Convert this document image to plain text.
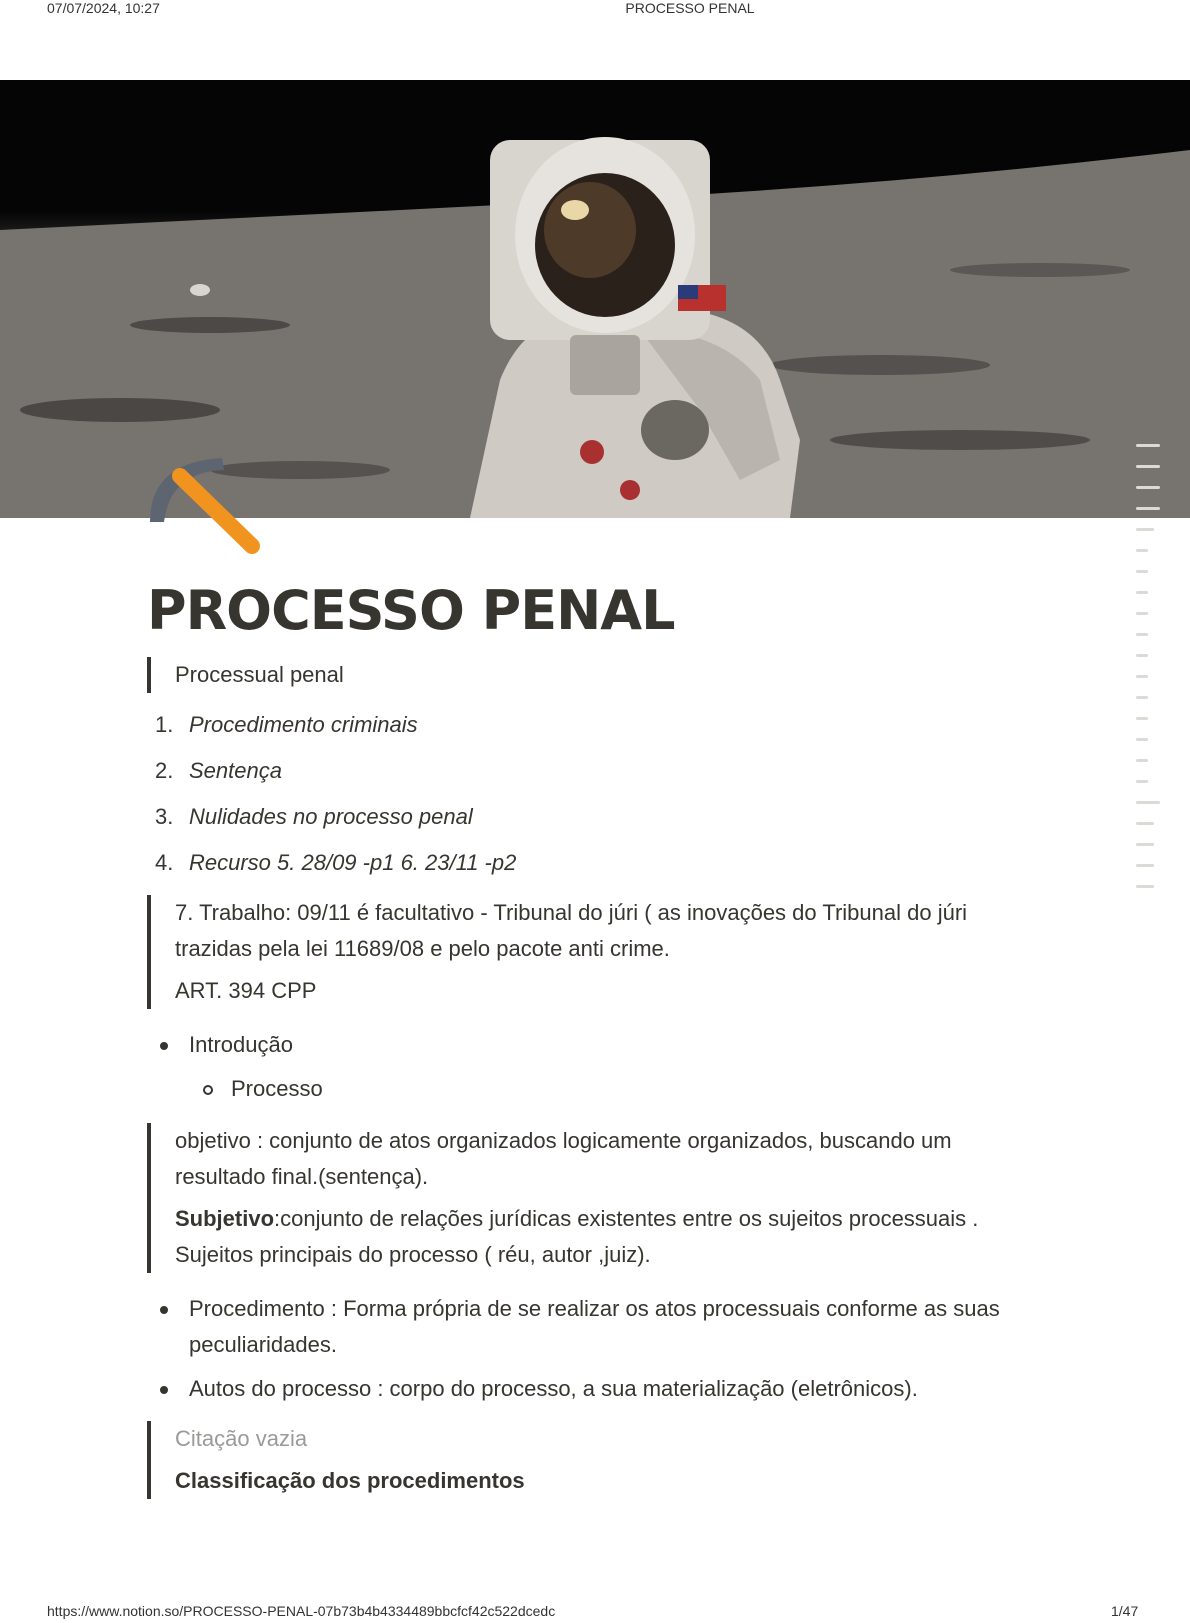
07/07/2024, 10:27	PROCESSO PENAL
PROCESSO PENAL

Processual penal

1. Procedimento criminais
2. Sentença
3. Nulidades no processo penal
4. Recurso 5. 28/09 -p1 6. 23/11 -p2

7. Trabalho: 09/11 é facultativo - Tribunal do júri ( as inovações do Tribunal do júri trazidas pela lei 11689/08 e pelo pacote anti crime.

ART. 394 CPP

Introdução
Processo

objetivo : conjunto de atos organizados logicamente organizados, buscando um resultado final.(sentença).

Subjetivo:conjunto de relações jurídicas existentes entre os sujeitos processuais . Sujeitos principais do processo ( réu, autor ,juiz).

Procedimento : Forma própria de se realizar os atos processuais conforme as suas peculiaridades.
Autos do processo : corpo do processo, a sua materialização (eletrônicos).

Citação vazia

Classificação dos procedimentos

https://www.notion.so/PROCESSO-PENAL-07b73b4b4334489bbcfcf42c522dcedc	1/47
